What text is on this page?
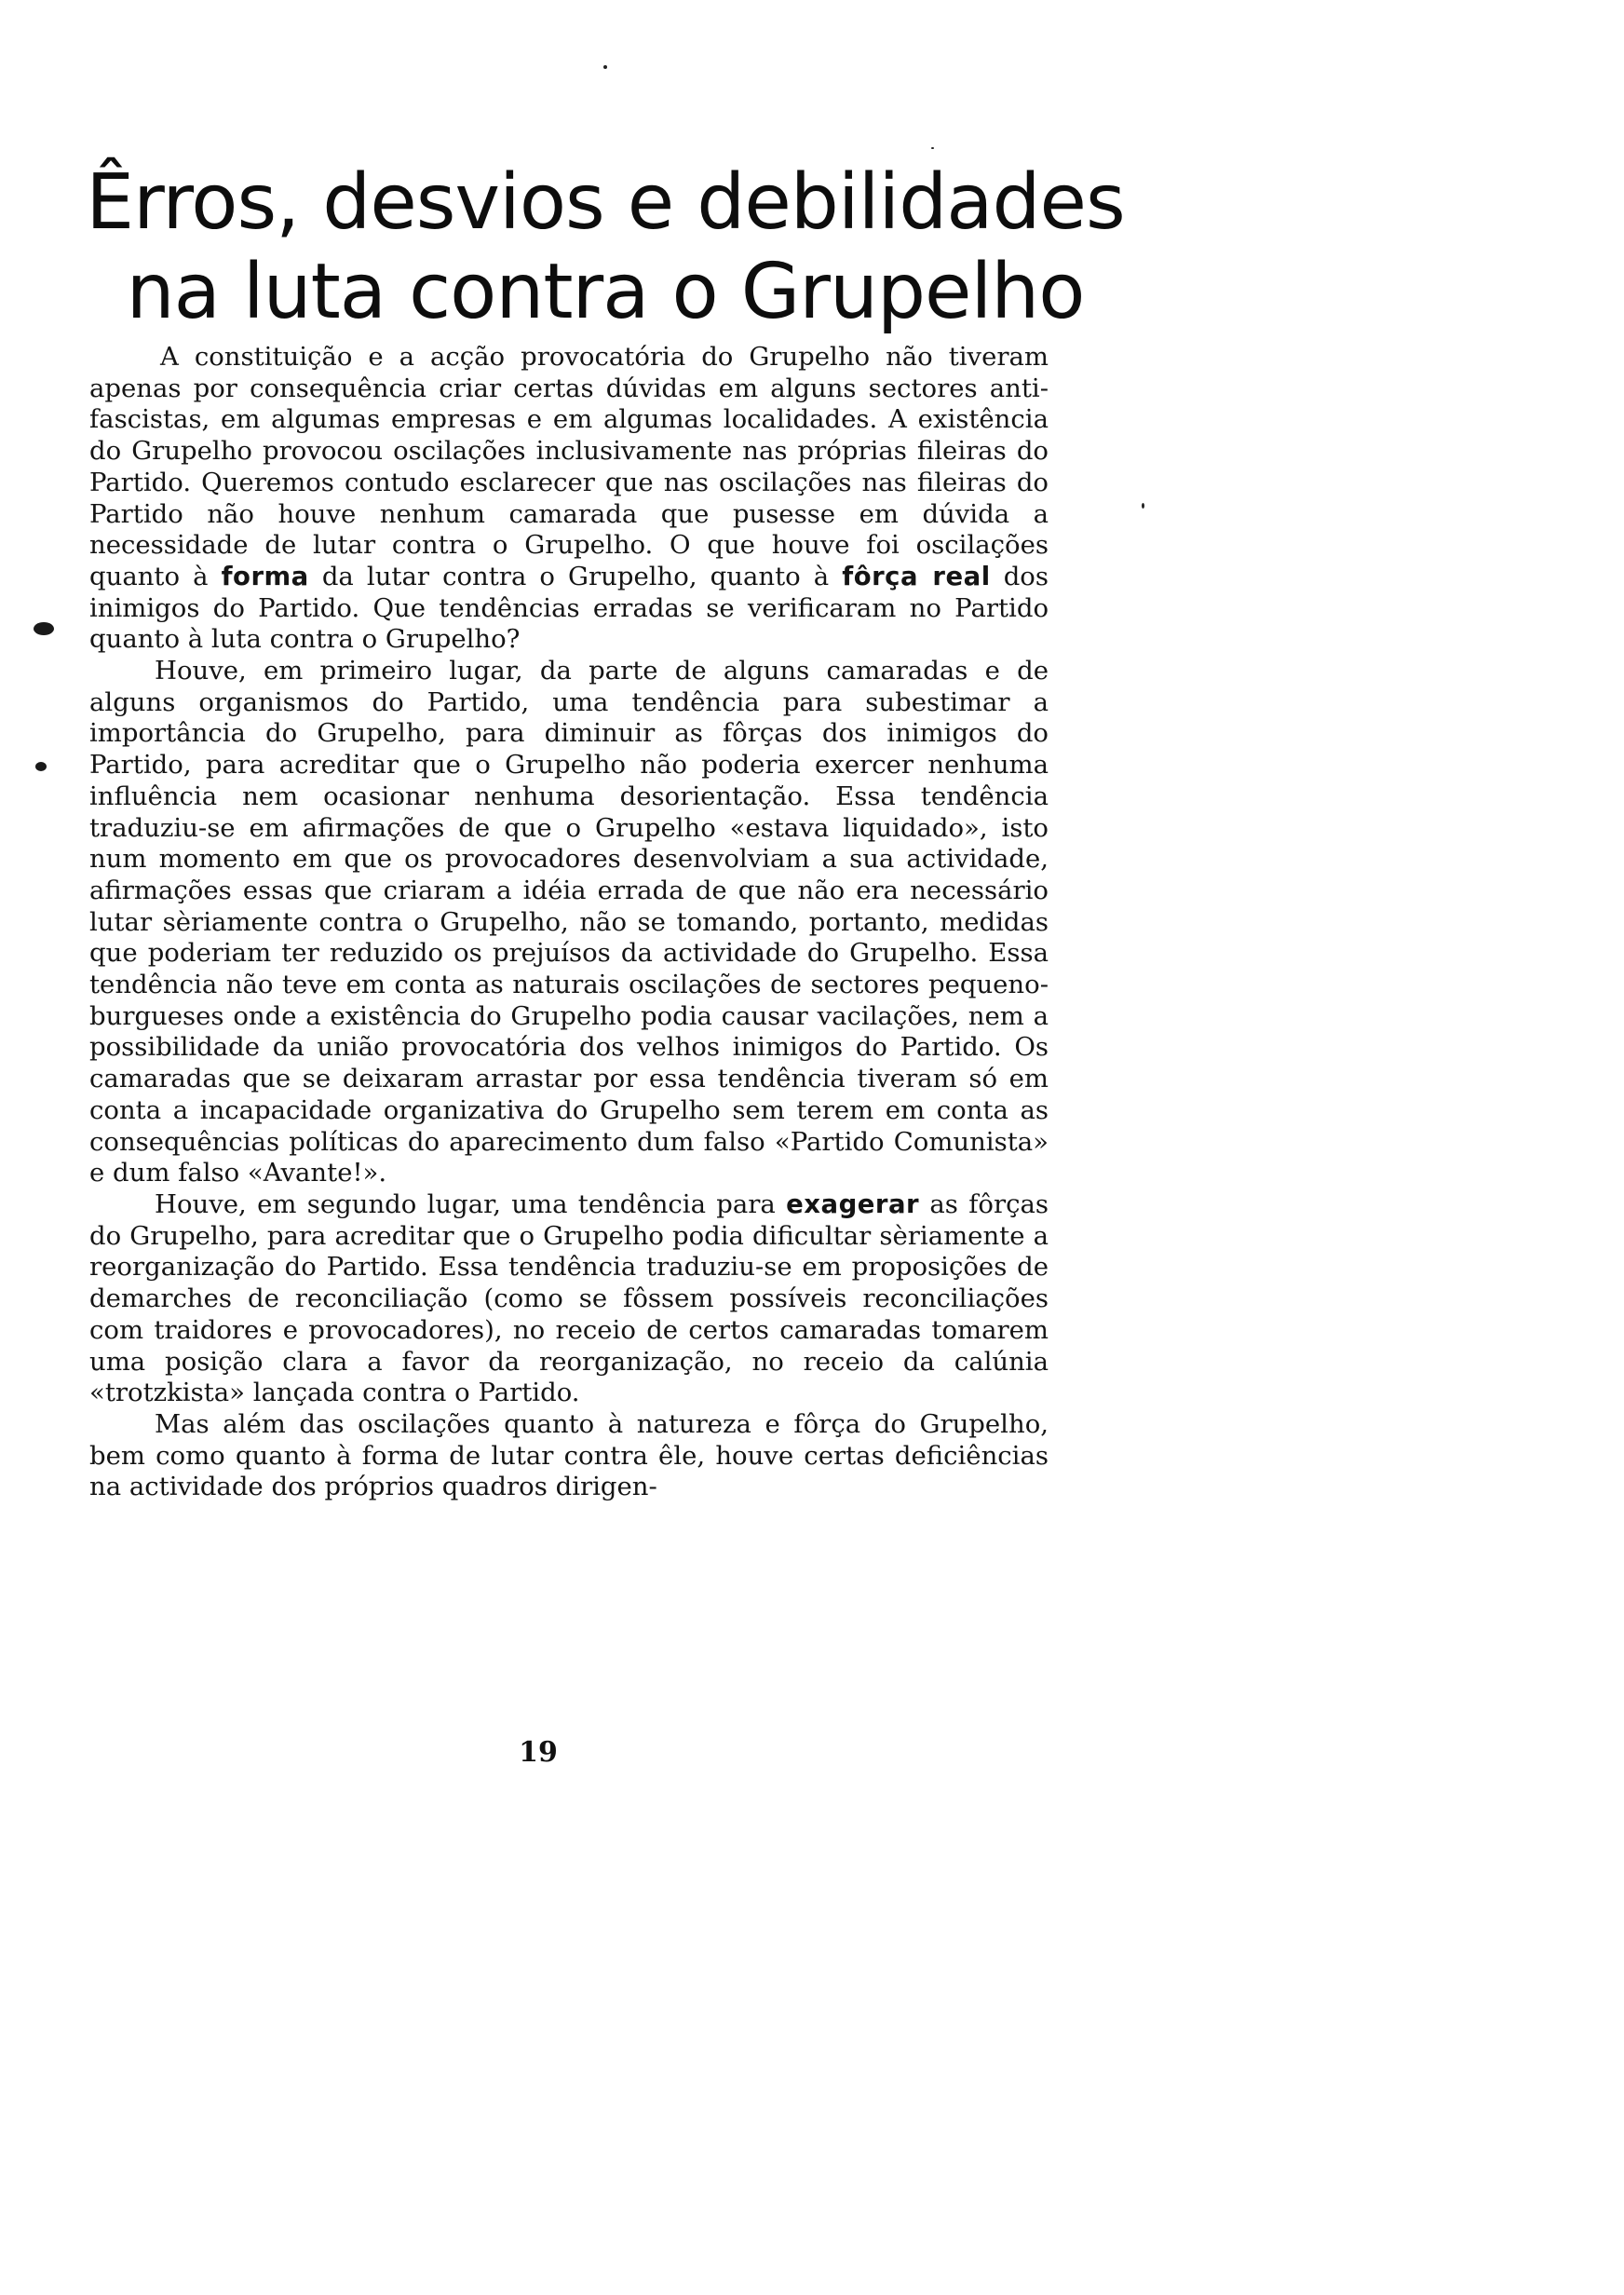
Êrros, desvios e debilidades
na luta contra o Grupelho

A constituição e a acção provocatória do Grupelho não tiveram apenas por consequência criar certas dúvidas em alguns sectores anti-fascistas, em algumas empresas e em algumas localidades. A existência do Grupelho provocou oscilações inclusivamente nas próprias fileiras do Partido. Queremos contudo esclarecer que nas oscilações nas fileiras do Partido não houve nenhum camarada que pusesse em dúvida a necessidade de lutar contra o Grupelho. O que houve foi oscilações quanto à forma da lutar contra o Grupelho, quanto à fôrça real dos inimigos do Partido. Que tendências erradas se verificaram no Partido quanto à luta contra o Grupelho?

Houve, em primeiro lugar, da parte de alguns camaradas e de alguns organismos do Partido, uma tendência para subestimar a importância do Grupelho, para diminuir as fôrças dos inimigos do Partido, para acreditar que o Grupelho não poderia exercer nenhuma influência nem ocasionar nenhuma desorientação. Essa tendência traduziu-se em afirmações de que o Grupelho «estava liquidado», isto num momento em que os provocadores desenvolviam a sua actividade, afirmações essas que criaram a idéia errada de que não era necessário lutar sèriamente contra o Grupelho, não se tomando, portanto, medidas que poderiam ter reduzido os prejuísos da actividade do Grupelho. Essa tendência não teve em conta as naturais oscilações de sectores pequeno-burgueses onde a existência do Grupelho podia causar vacilações, nem a possibilidade da união provocatória dos velhos inimigos do Partido. Os camaradas que se deixaram arrastar por essa tendência tiveram só em conta a incapacidade organizativa do Grupelho sem terem em conta as consequências políticas do aparecimento dum falso «Partido Comunista» e dum falso «Avante!».

Houve, em segundo lugar, uma tendência para exagerar as fôrças do Grupelho, para acreditar que o Grupelho podia dificultar sèriamente a reorganização do Partido. Essa tendência traduziu-se em proposições de demarches de reconciliação (como se fôssem possíveis reconciliações com traidores e provocadores), no receio de certos camaradas tomarem uma posição clara a favor da reorganização, no receio da calúnia «trotzkista» lançada contra o Partido.

Mas além das oscilações quanto à natureza e fôrça do Grupelho, bem como quanto à forma de lutar contra êle, houve certas deficiências na actividade dos próprios quadros dirigen-

19
